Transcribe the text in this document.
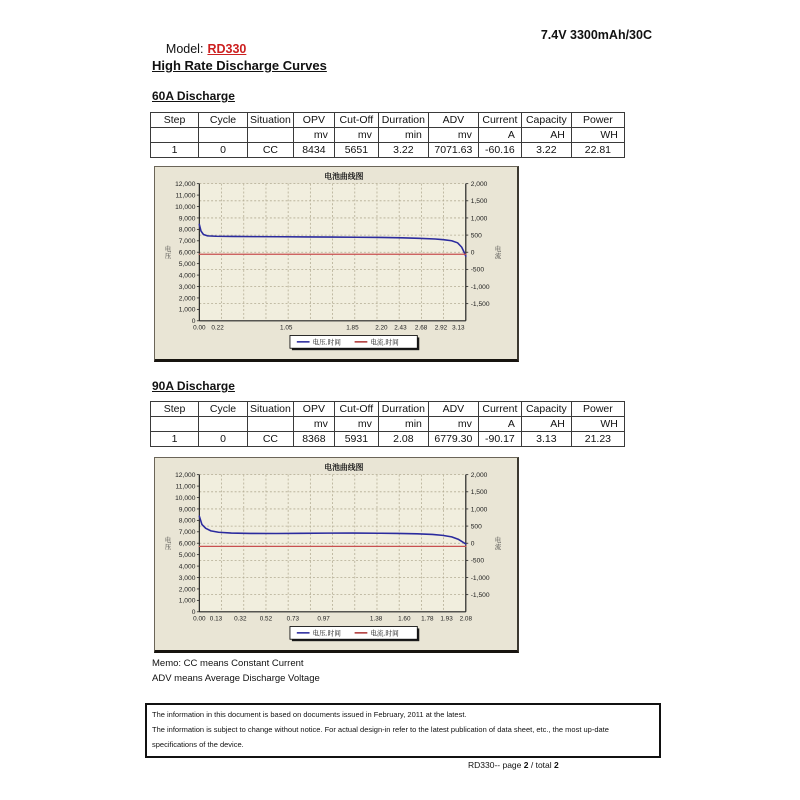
Model: RD330

7.4V 3300mAh/30C
High Rate Discharge Curves
60A Discharge
Step	Cycle	Situation	OPV	Cut-Off	Durration	ADV	Current	Capacity	Power
			mv	mv	min	mv	A	AH	WH
1	0	CC	8434	5651	3.22	7071.63	-60.16	3.22	22.81
电池曲线图
0
1,000
2,000
3,000
4,000
5,000
6,000
7,000
8,000
9,000
10,000
11,000
12,000	2,000
1,500
1,000
500
0
-500
-1,000
-1,500
0.00 0.22	1.05	1.85	2.20 2.43 2.68 2.92 3.13
电
压
电
流
电压.时间	电流.时间
90A Discharge
Step	Cycle	Situation	OPV	Cut-Off	Durration	ADV	Current	Capacity	Power
			mv	mv	min	mv	A	AH	WH
1	0	CC	8368	5931	2.08	6779.30	-90.17	3.13	21.23
电池曲线图
0
1,000
2,000
3,000
4,000
5,000
6,000
7,000
8,000
9,000
10,000
11,000
12,000	2,000
1,500
1,000
500
0
-500
-1,000
-1,500
0.00 0.13 0.32 0.52 0.73	0.97	1.38 1.60 1.78 1.93 2.08
电
压
电
流
电压.时间	电流.时间
Memo: CC means Constant Current
ADV means Average Discharge Voltage

The information in this document is based on documents issued in February, 2011 at the latest.

The information is subject to change without notice. For actual design-in refer to the latest publication of data sheet, etc., the most up-date specifications of the device.

RD330-- page 2 / total 2
